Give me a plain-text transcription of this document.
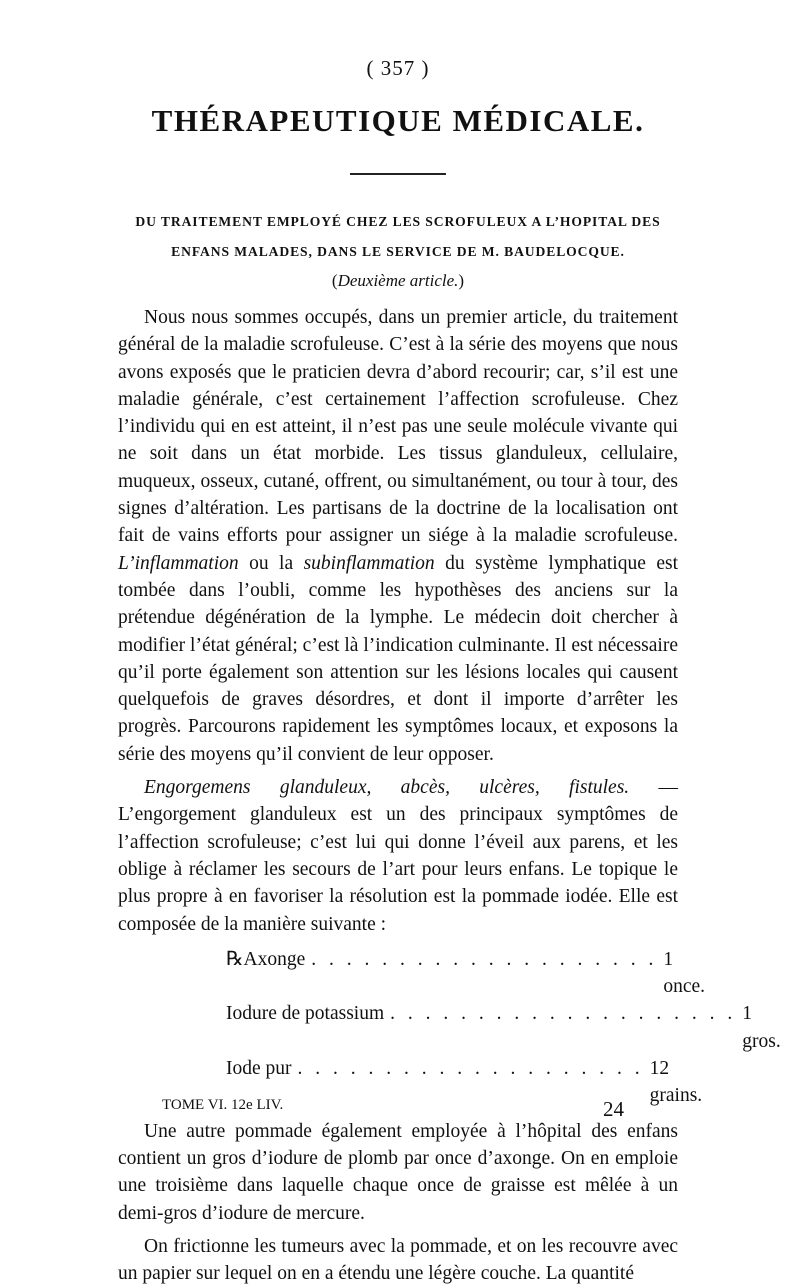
( 357 )
THÉRAPEUTIQUE MÉDICALE.

DU TRAITEMENT EMPLOYÉ CHEZ LES SCROFULEUX A L’HOPITAL DES

ENFANS MALADES, DANS LE SERVICE DE M. BAUDELOCQUE.

(Deuxième article.)

Nous nous sommes occupés, dans un premier article, du traitement général de la maladie scrofuleuse. C’est à la série des moyens que nous avons exposés que le praticien devra d’abord recourir; car, s’il est une maladie générale, c’est certainement l’affection scrofuleuse. Chez l’individu qui en est atteint, il n’est pas une seule molécule vivante qui ne soit dans un état morbide. Les tissus glanduleux, cellulaire, muqueux, osseux, cutané, offrent, ou simultanément, ou tour à tour, des signes d’altération. Les partisans de la doctrine de la localisation ont fait de vains efforts pour assigner un siége à la maladie scrofuleuse. L’inflammation ou la subinflammation du système lymphatique est tombée dans l’oubli, comme les hypothèses des anciens sur la prétendue dégénération de la lymphe. Le médecin doit chercher à modifier l’état général; c’est là l’indication culminante. Il est nécessaire qu’il porte également son attention sur les lésions locales qui causent quelquefois de graves désordres, et dont il importe d’arrêter les progrès. Parcourons rapidement les symptômes locaux, et exposons la série des moyens qu’il convient de leur opposer.

Engorgemens glanduleux, abcès, ulcères, fistules. — L’engorgement glanduleux est un des principaux symptômes de l’affection scrofuleuse; c’est lui qui donne l’éveil aux parens, et les oblige à réclamer les secours de l’art pour leurs enfans. Le topique le plus propre à en favoriser la résolution est la pommade iodée. Elle est composée de la manière suivante :

℞ Axonge . . . . . . . . . . . . . . . . . . . . 1 once.
Iodure de potassium . . . . . . . . . . . . . . . . . . . . 1 gros.
Iode pur . . . . . . . . . . . . . . . . . . . . 12 grains.

Une autre pommade également employée à l’hôpital des enfans contient un gros d’iodure de plomb par once d’axonge. On en emploie une troisième dans laquelle chaque once de graisse est mêlée à un demi-gros d’iodure de mercure.

On frictionne les tumeurs avec la pommade, et on les recouvre avec un papier sur lequel on en a étendu une légère couche. La quantité

TOME VI. 12e LIV.	24
